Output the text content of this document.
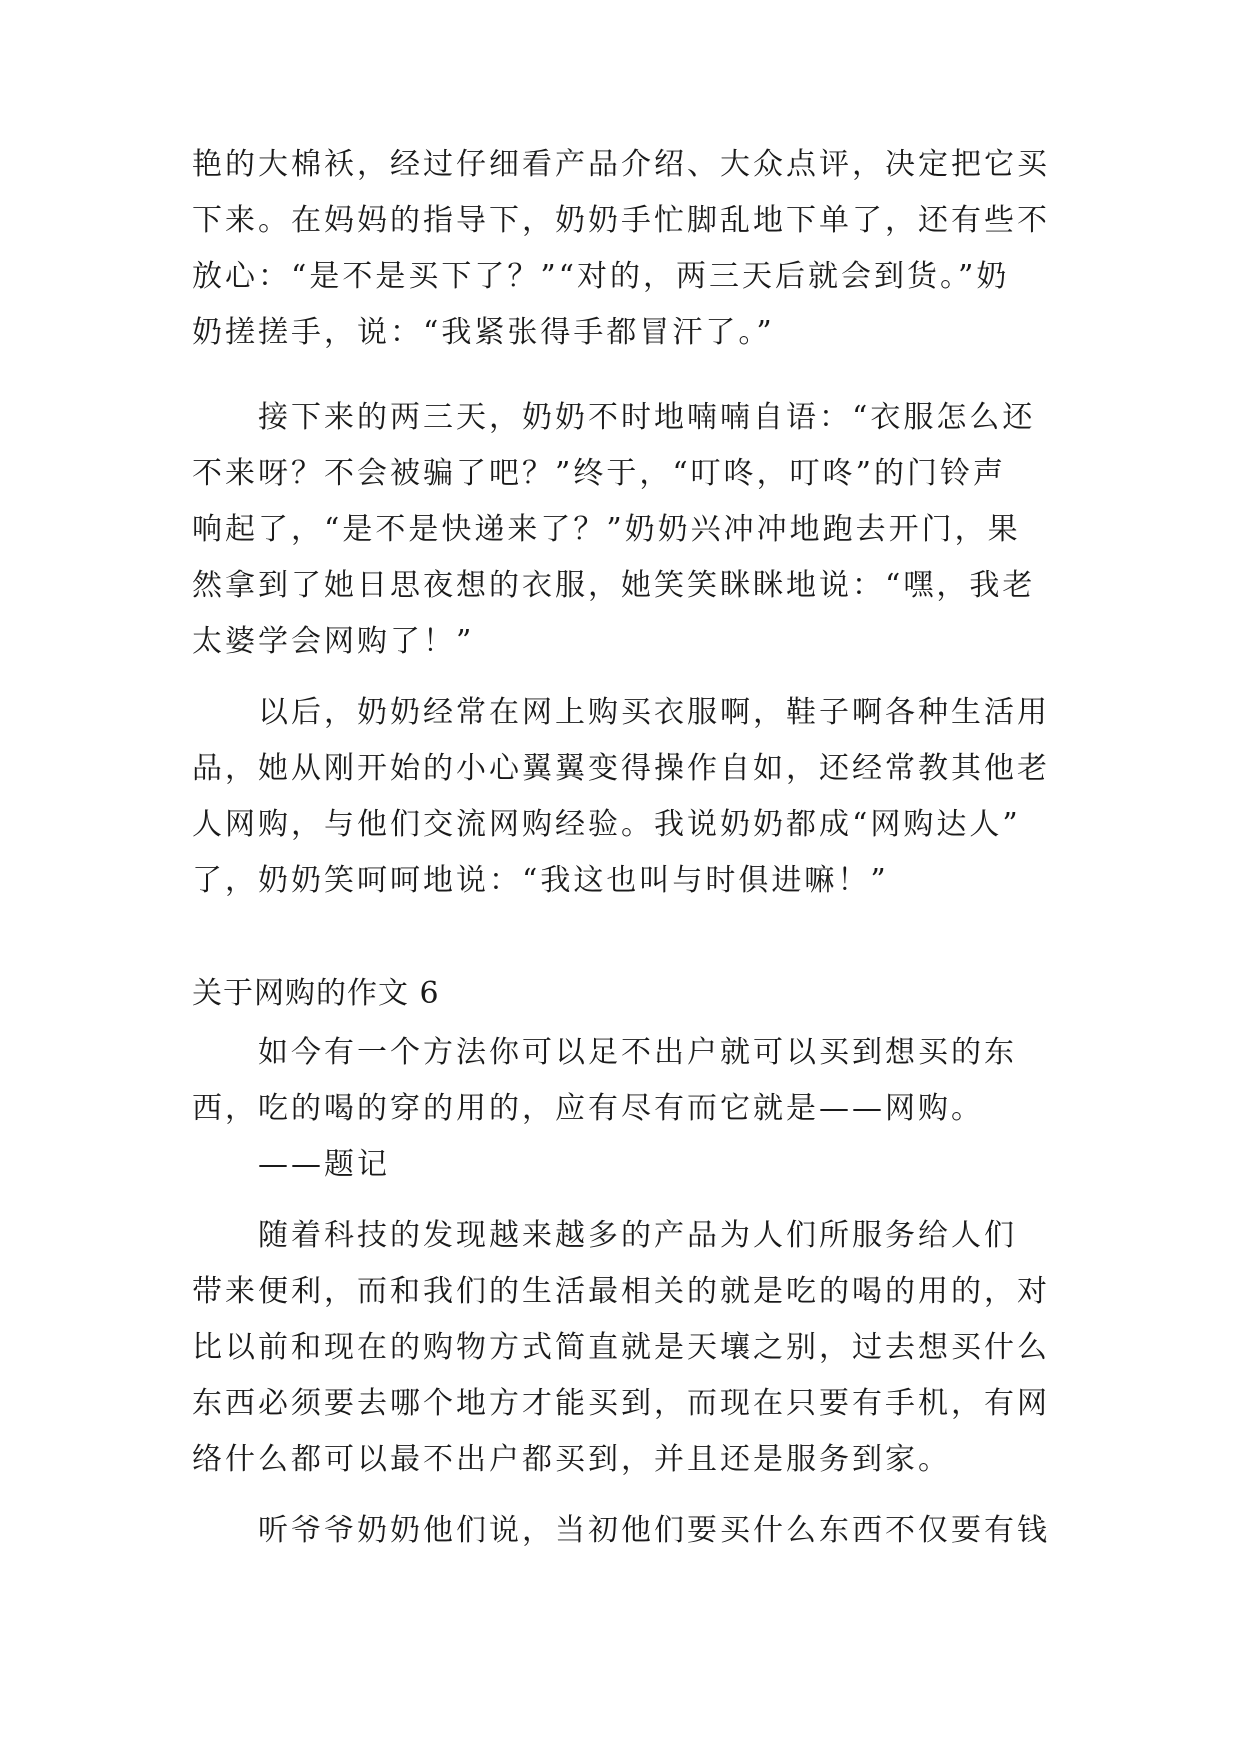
艳的大棉袄，经过仔细看产品介绍、大众点评，决定把它买
下来。在妈妈的指导下，奶奶手忙脚乱地下单了，还有些不
放心：“是不是买下了？”“对的，两三天后就会到货。”奶
奶搓搓手，说：“我紧张得手都冒汗了。”
接下来的两三天，奶奶不时地喃喃自语：“衣服怎么还
不来呀？不会被骗了吧？”终于，“叮咚，叮咚”的门铃声
响起了，“是不是快递来了？”奶奶兴冲冲地跑去开门，果
然拿到了她日思夜想的衣服，她笑笑眯眯地说：“嘿，我老
太婆学会网购了！”
以后，奶奶经常在网上购买衣服啊，鞋子啊各种生活用
品，她从刚开始的小心翼翼变得操作自如，还经常教其他老
人网购，与他们交流网购经验。我说奶奶都成“网购达人”
了，奶奶笑呵呵地说：“我这也叫与时俱进嘛！”
关于网购的作文 6
如今有一个方法你可以足不出户就可以买到想买的东
西，吃的喝的穿的用的，应有尽有而它就是——网购。
——题记
随着科技的发现越来越多的产品为人们所服务给人们
带来便利，而和我们的生活最相关的就是吃的喝的用的，对
比以前和现在的购物方式简直就是天壤之别，过去想买什么
东西必须要去哪个地方才能买到，而现在只要有手机，有网
络什么都可以最不出户都买到，并且还是服务到家。
听爷爷奶奶他们说，当初他们要买什么东西不仅要有钱
